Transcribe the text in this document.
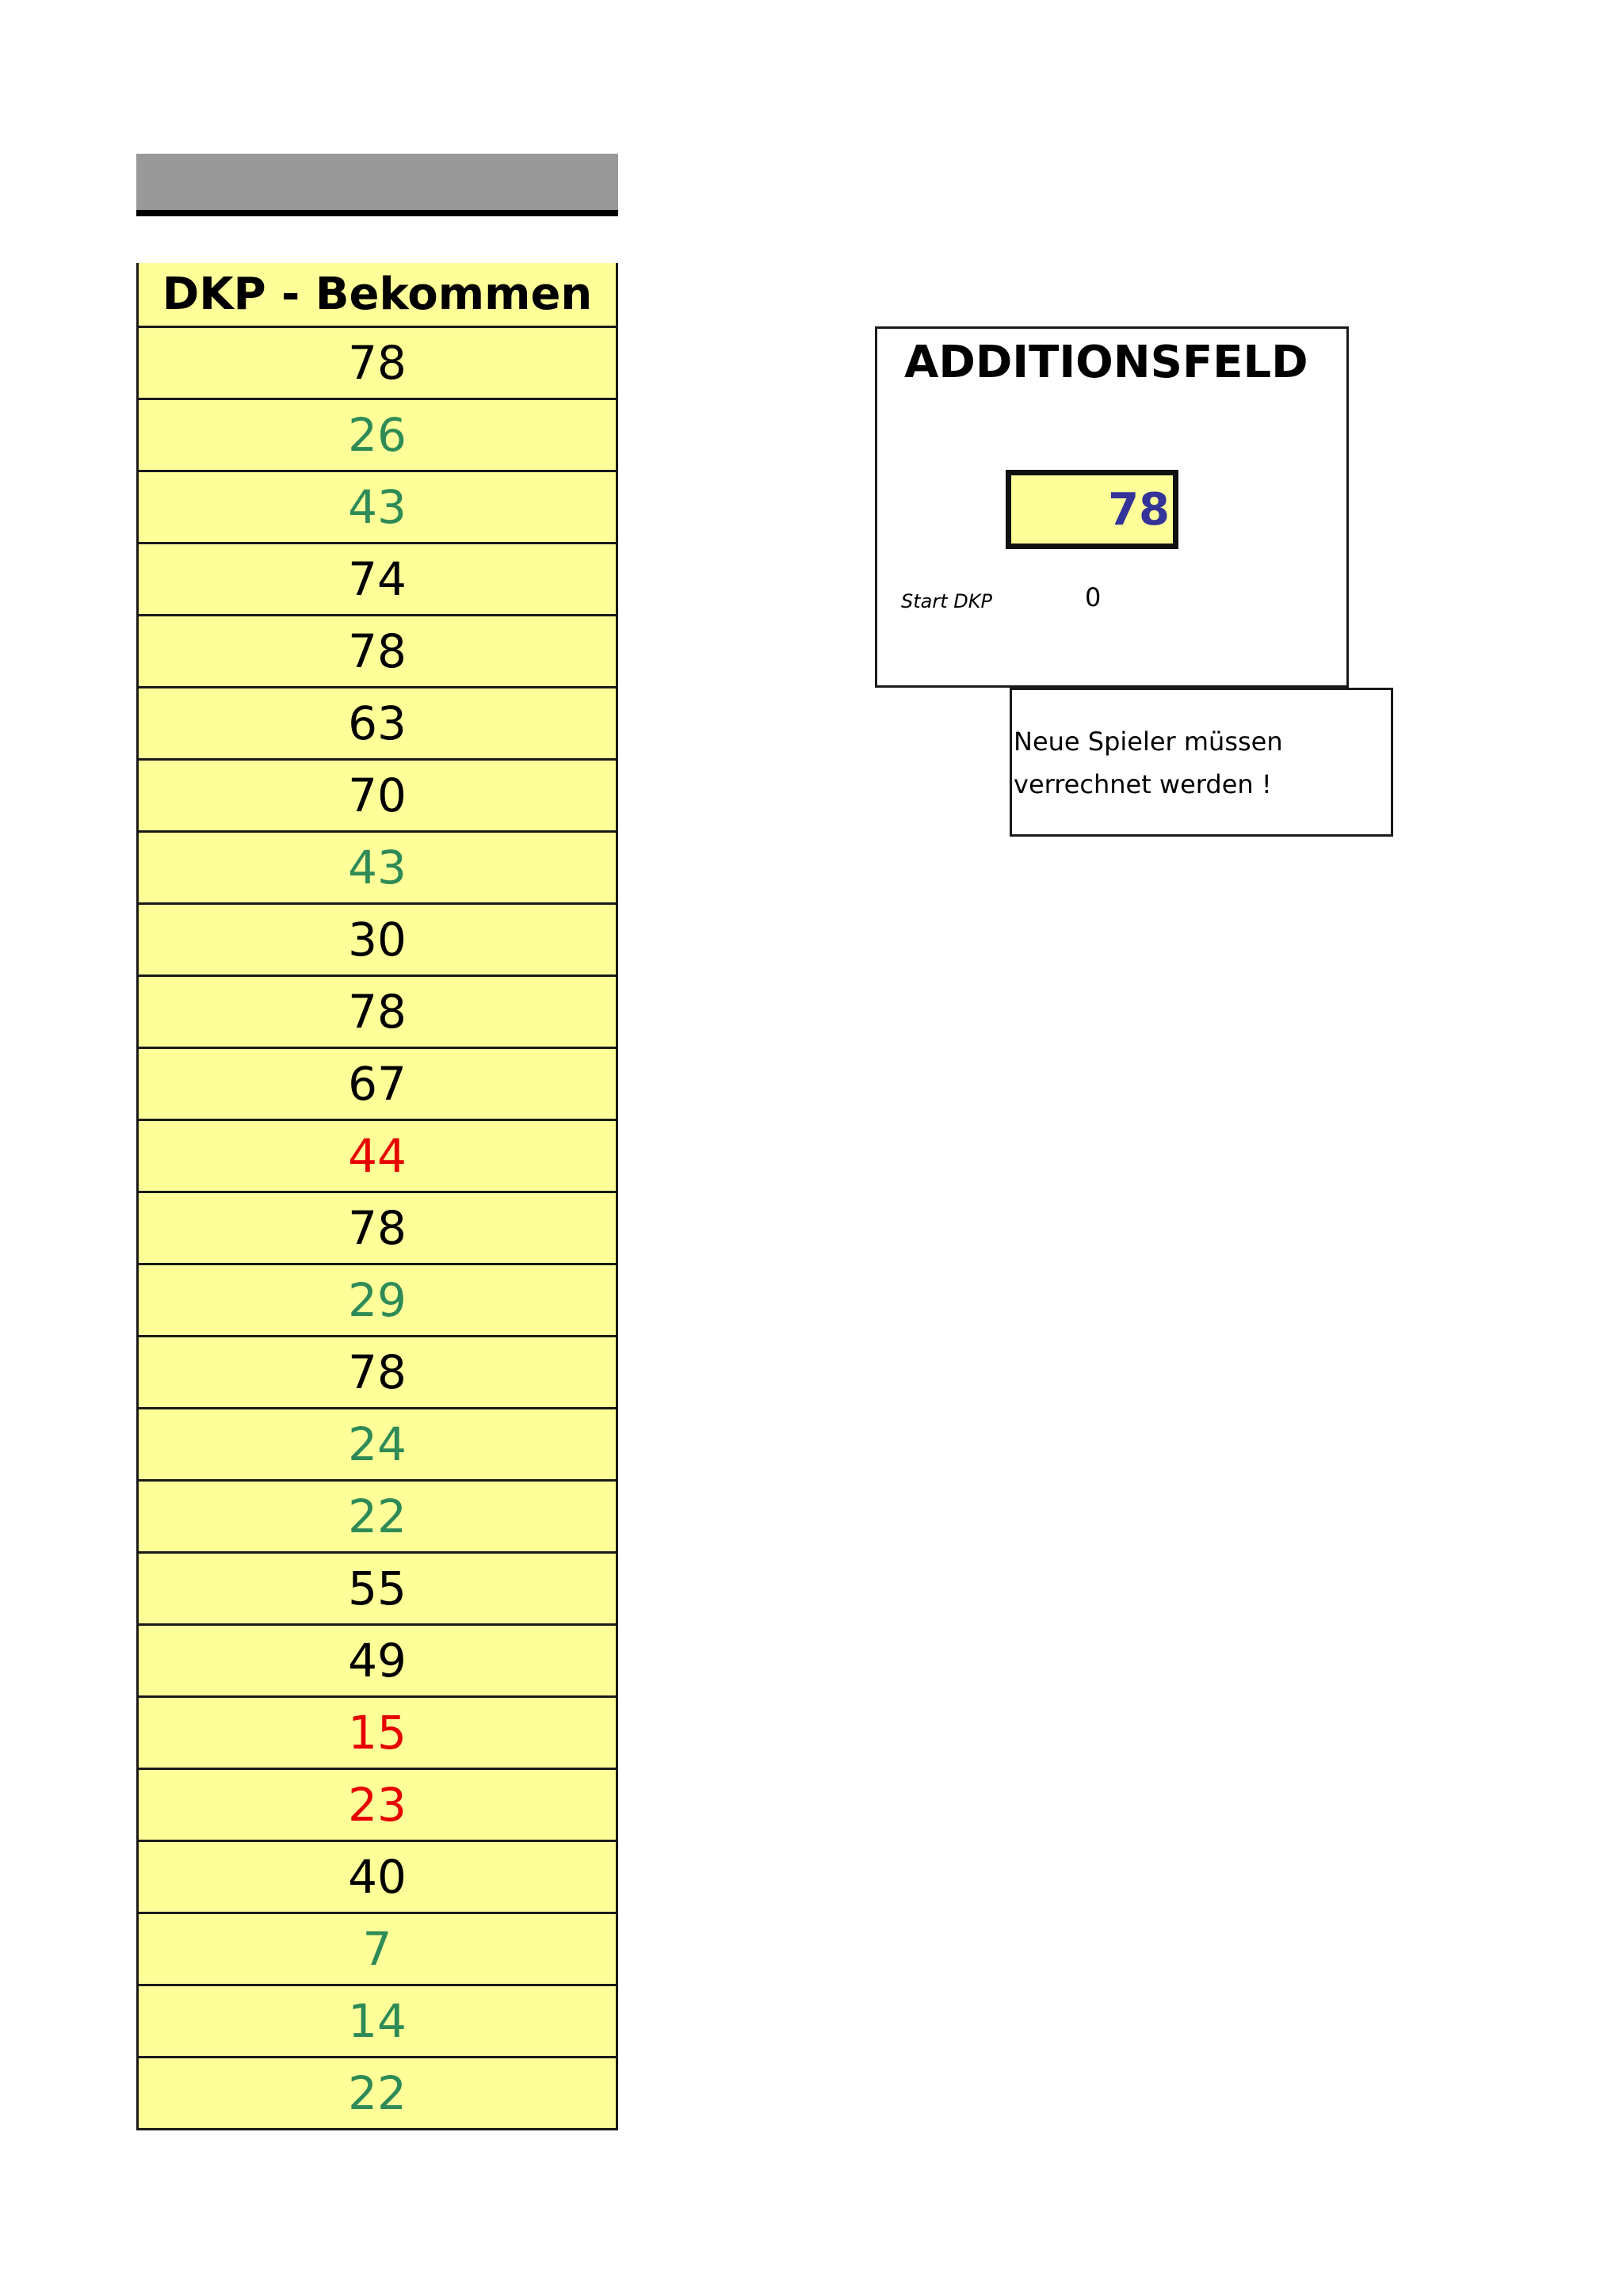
DKP - Bekommen
78
26
43
74
78
63
70
43
30
78
67
44
78
29
78
24
22
55
49
15
23
40
7
14
22
ADDITIONSFELD
78
Start DKP	0
Neue Spieler müssen
verrechnet werden !
